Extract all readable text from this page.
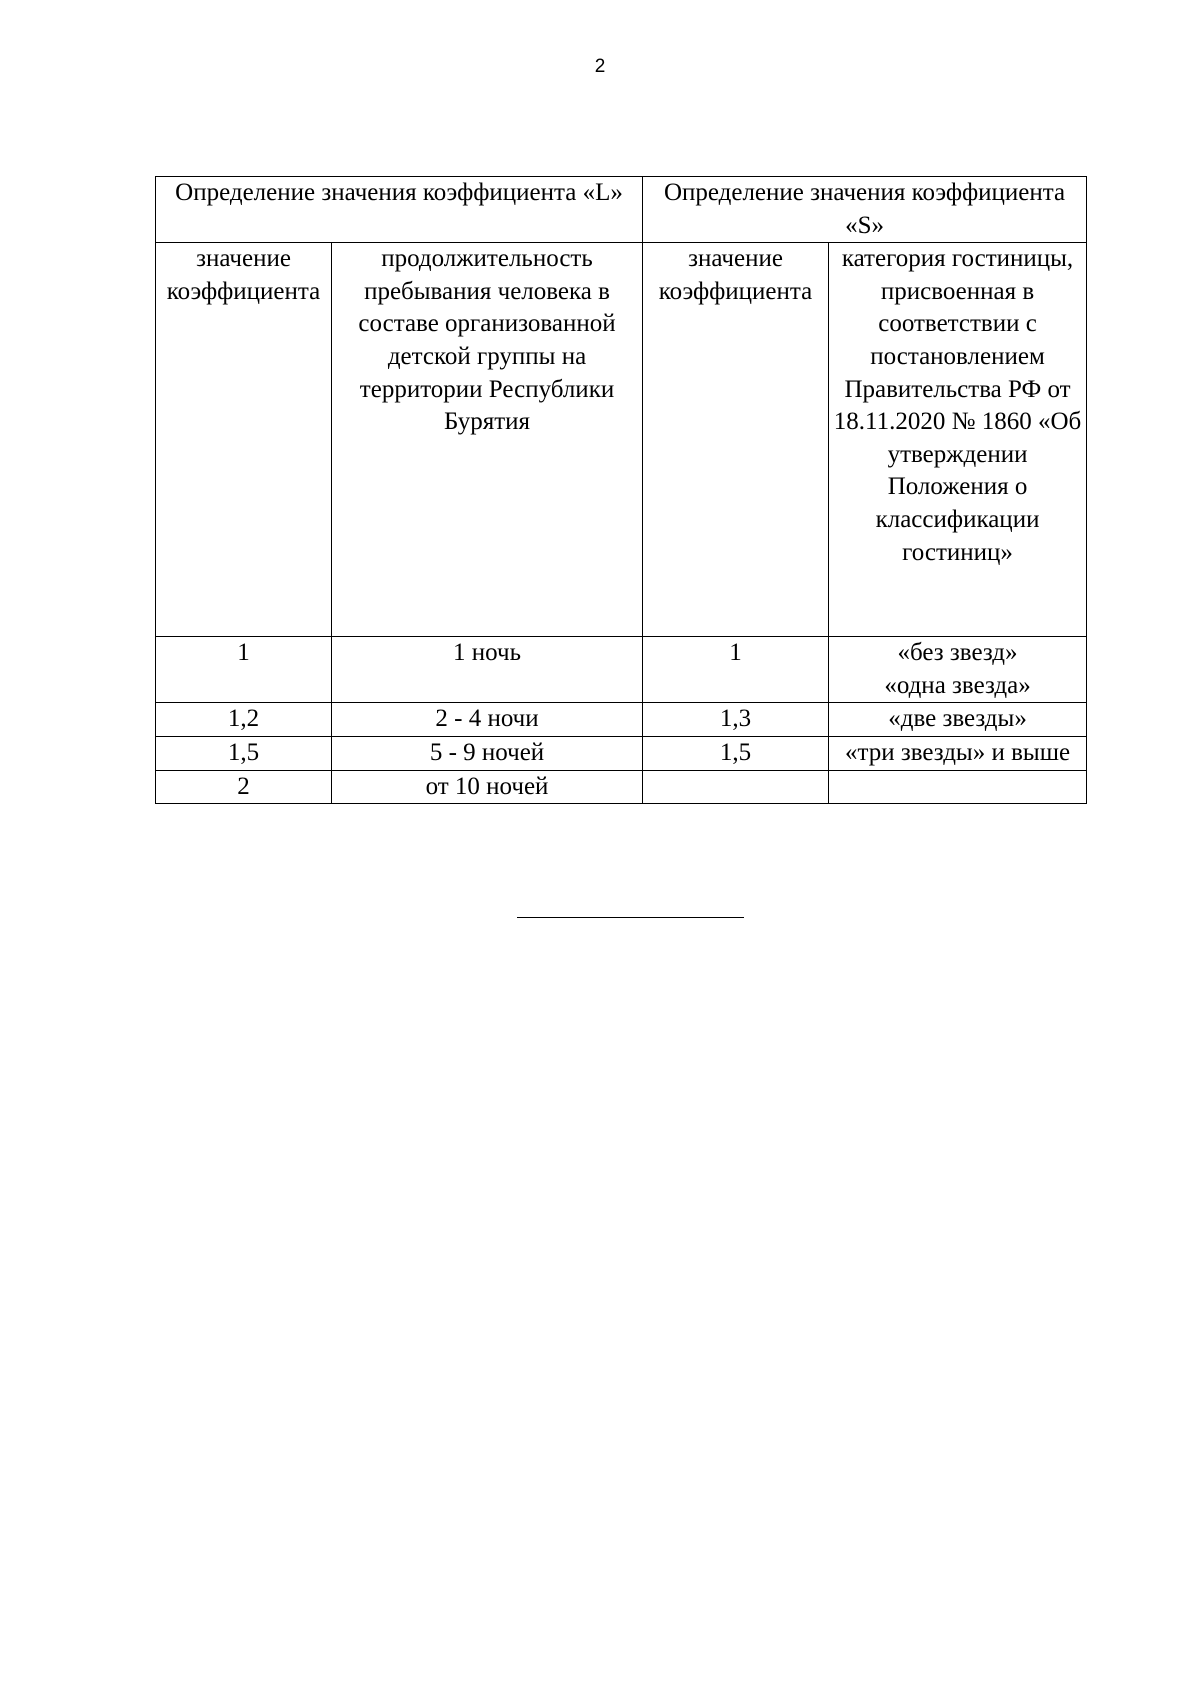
2
Определение значения коэффициента «L»		Определение значения коэффициента «S»	
значение коэффициента	продолжительность пребывания человека в составе организованной детской группы на территории Республики Бурятия	значение коэффициента	категория гостиницы, присвоенная в соответствии с постановлением Правительства РФ от 18.11.2020 № 1860 «Об утверждении Положения о классификации гостиниц»
1	1 ночь	1	«без звезд»
«одна звезда»

1,2	2 - 4 ночи	1,3	«две звезды»
1,5	5 - 9 ночей	1,5	«три звезды» и выше
2	от 10 ночей		
